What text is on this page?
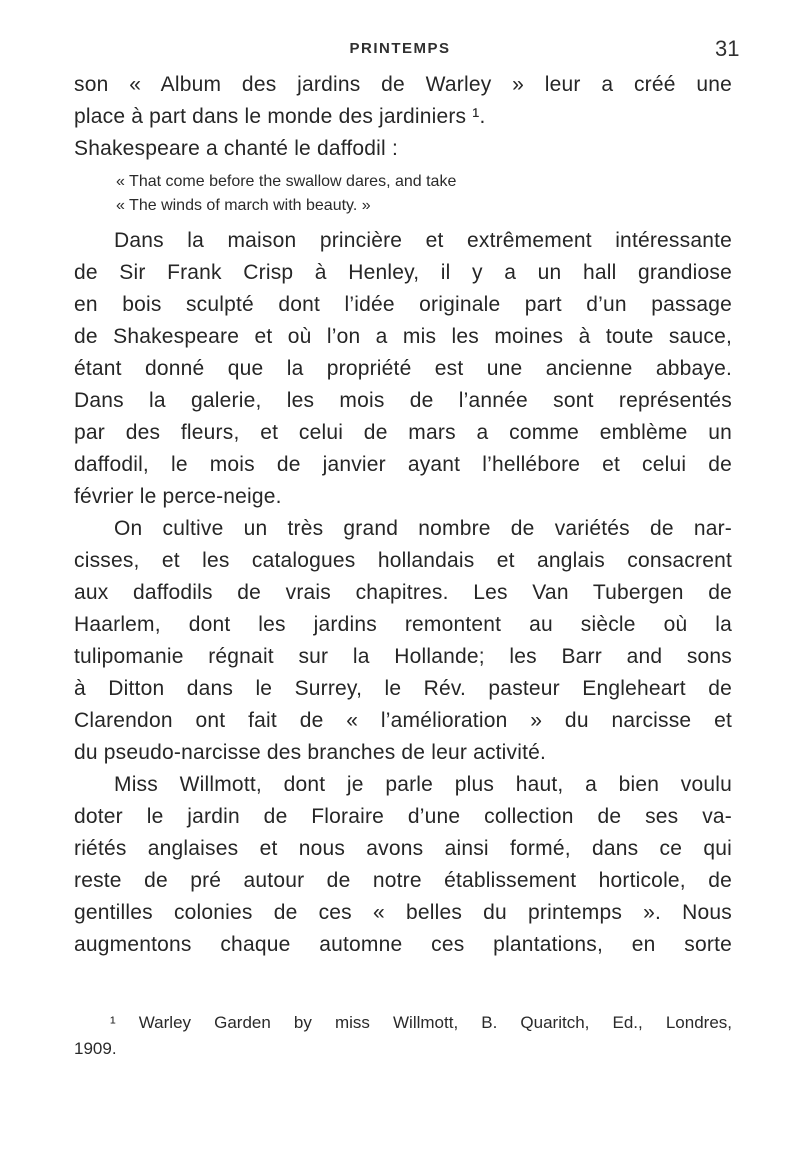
PRINTEMPS	31
son « Album des jardins de Warley » leur a créé une
place à part dans le monde des jardiniers ¹.
Shakespeare a chanté le daffodil :
« That come before the swallow dares, and take
« The winds of march with beauty. »
Dans la maison princière et extrêmement intéressante
de Sir Frank Crisp à Henley, il y a un hall grandiose
en bois sculpté dont l’idée originale part d’un passage
de Shakespeare et où l’on a mis les moines à toute sauce,
étant donné que la propriété est une ancienne abbaye.
Dans la galerie, les mois de l’année sont représentés
par des fleurs, et celui de mars a comme emblème un
daffodil, le mois de janvier ayant l’hellébore et celui de
février le perce-neige.
On cultive un très grand nombre de variétés de nar-
cisses, et les catalogues hollandais et anglais consacrent
aux daffodils de vrais chapitres. Les Van Tubergen de
Haarlem, dont les jardins remontent au siècle où la
tulipomanie régnait sur la Hollande; les Barr and sons
à Ditton dans le Surrey, le Rév. pasteur Engleheart de
Clarendon ont fait de « l’amélioration » du narcisse et
du pseudo-narcisse des branches de leur activité.
Miss Willmott, dont je parle plus haut, a bien voulu
doter le jardin de Floraire d’une collection de ses va-
riétés anglaises et nous avons ainsi formé, dans ce qui
reste de pré autour de notre établissement horticole, de
gentilles colonies de ces « belles du printemps ». Nous
augmentons chaque automne ces plantations, en sorte
¹ Warley Garden by miss Willmott, B. Quaritch, Ed., Londres,
1909.
